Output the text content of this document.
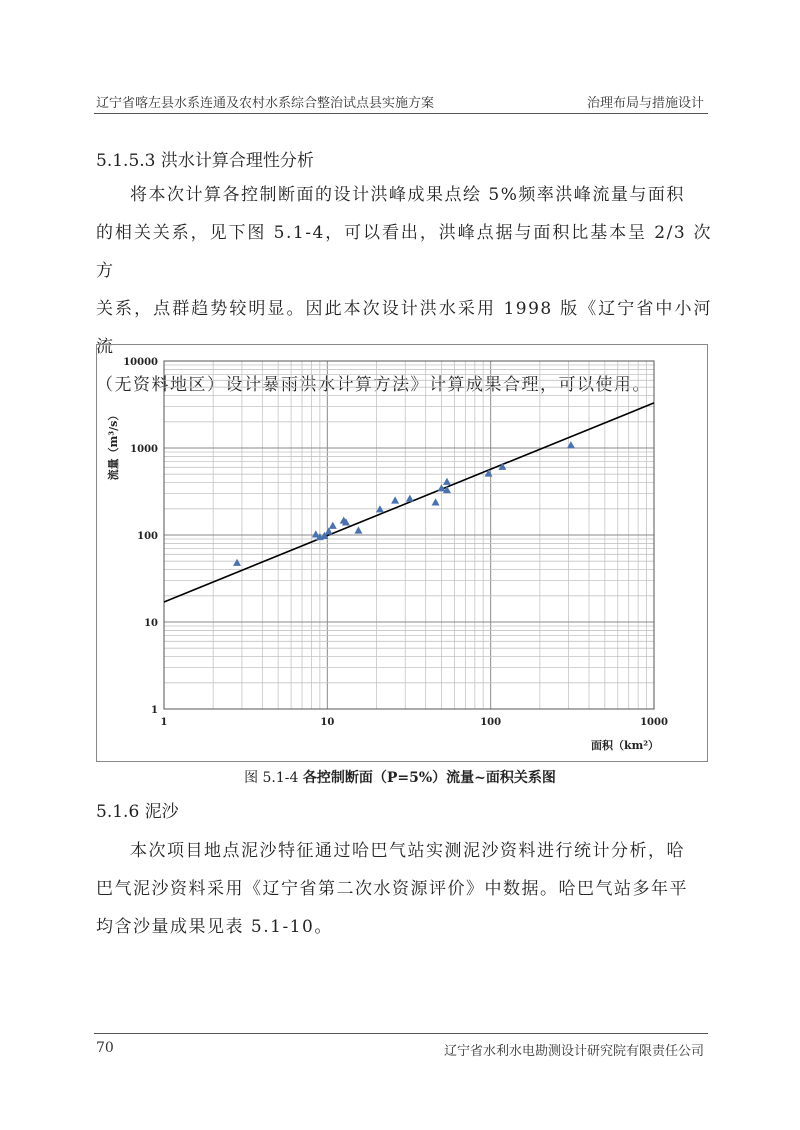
辽宁省喀左县水系连通及农村水系综合整治试点县实施方案	治理布局与措施设计
5.1.5.3 洪水计算合理性分析

将本次计算各控制断面的设计洪峰成果点绘 5%频率洪峰流量与面积

的相关关系，见下图 5.1-4，可以看出，洪峰点据与面积比基本呈 2/3 次方

关系，点群趋势较明显。因此本次设计洪水采用 1998 版《辽宁省中小河流

（无资料地区）设计暴雨洪水计算方法》计算成果合理，可以使用。

1	10	100	1000
1
10
100
1000
10000
流量（m³/s）
面积（km²）
图 5.1-4 各控制断面（P=5%）流量~面积关系图
5.1.6 泥沙

本次项目地点泥沙特征通过哈巴气站实测泥沙资料进行统计分析，哈

巴气泥沙资料采用《辽宁省第二次水资源评价》中数据。哈巴气站多年平

均含沙量成果见表 5.1-10。

70	辽宁省水利水电勘测设计研究院有限责任公司
